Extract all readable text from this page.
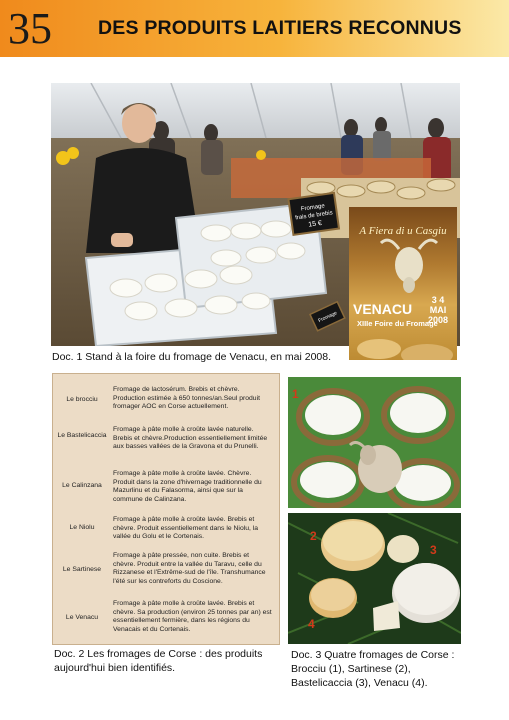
35 DES PRODUITS LAITIERS RECONNUS
Fromage
frais de brebis
15 €
Fromage
A Fiera di u Casgiu
VENACU
3 4 MAI 2008
XIIIe Foire du Fromage
Doc. 1 Stand à la foire du fromage de Venacu, en mai 2008.
Le brocciu
Fromage de lactosérum. Brebis et chèvre. Production estimée à 650 tonnes/an.Seul produit fromager AOC en Corse actuellement.
Le Bastelicaccia
Fromage à pâte molle à croûte lavée naturelle. Brebis et chèvre.Production essentiellement limitée aux basses vallées de la Gravona et du Prunelli.
Le Calinzana
Fromage à pâte molle à croûte lavée. Chèvre. Produit dans la zone d'hivernage traditionnelle du Mazurlinu et du Falasorma, ainsi que sur la commune de Calinzana.
Le Niolu
Fromage à pâte molle à croûte lavée. Brebis et chèvre. Produit essentiellement dans le Niolu, la vallée du Golu et le Cortenais.
Le Sartinese
Fromage à pâte pressée, non cuite. Brebis et chèvre. Produit entre la vallée du Taravu, celle du Rizzanese et l'Extrême-sud de l'île. Transhumance l'été sur les contreforts du Coscione.
Le Venacu
Fromage à pâte molle à croûte lavée. Brebis et chèvre. Sa production (environ 25 tonnes par an) est essentiellement fermière, dans les régions du Venacais et du Cortenais.
Doc. 2 Les fromages de Corse : des produits aujourd'hui bien identifiés.
1
2
3
4
Doc. 3 Quatre fromages de Corse : Brocciu (1), Sartinese (2), Bastelicaccia (3), Venacu (4).
